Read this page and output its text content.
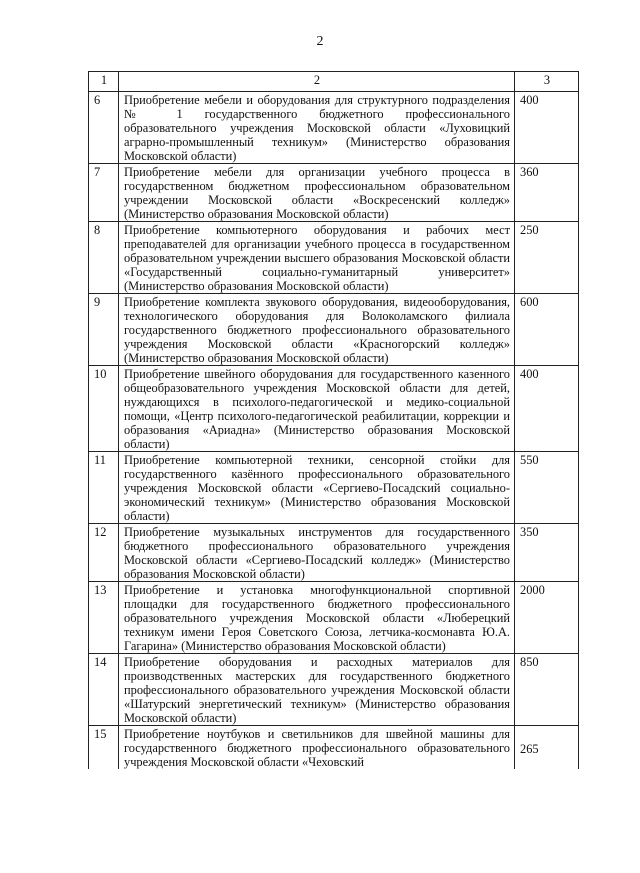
2
1	2	3
6	Приобретение мебели и оборудования для структурного подразделения № 1 государственного бюджетного профессионального образовательного учреждения Московской области «Луховицкий аграрно-промышленный техникум» (Министерство образования Московской области)	400
7	Приобретение мебели для организации учебного процесса в государственном бюджетном профессиональном образовательном учреждении Московской области «Воскресенский колледж» (Министерство образования Московской области)	360
8	Приобретение компьютерного оборудования и рабочих мест преподавателей для организации учебного процесса в государственном образовательном учреждении высшего образования Московской области «Государственный социально-гуманитарный университет» (Министерство образования Московской области)	250
9	Приобретение комплекта звукового оборудования, видеооборудования, технологического оборудования для Волоколамского филиала государственного бюджетного профессионального образовательного учреждения Московской области «Красногорский колледж» (Министерство образования Московской области)	600
10	Приобретение швейного оборудования для государственного казенного общеобразовательного учреждения Московской области для детей, нуждающихся в психолого-педагогической и медико-социальной помощи, «Центр психолого-педагогической реабилитации, коррекции и образования «Ариадна» (Министерство образования Московской области)	400
11	Приобретение компьютерной техники, сенсорной стойки для государственного казённого профессионального образовательного учреждения Московской области «Сергиево-Посадский социально-экономический техникум» (Министерство образования Московской области)	550
12	Приобретение музыкальных инструментов для государственного бюджетного профессионального образовательного учреждения Московской области «Сергиево-Посадский колледж» (Министерство образования Московской области)	350
13	Приобретение и установка многофункциональной спортивной площадки для государственного бюджетного профессионального образовательного учреждения Московской области «Люберецкий техникум имени Героя Советского Союза, летчика-космонавта Ю.А. Гагарина» (Министерство образования Московской области)	2000
14	Приобретение оборудования и расходных материалов для производственных мастерских для государственного бюджетного профессионального образовательного учреждения Московской области «Шатурский энергетический техникум» (Министерство образования Московской области)	850
15	Приобретение ноутбуков и светильников для швейной машины для государственного бюджетного профессионального образовательного учреждения Московской области «Чеховский	265
